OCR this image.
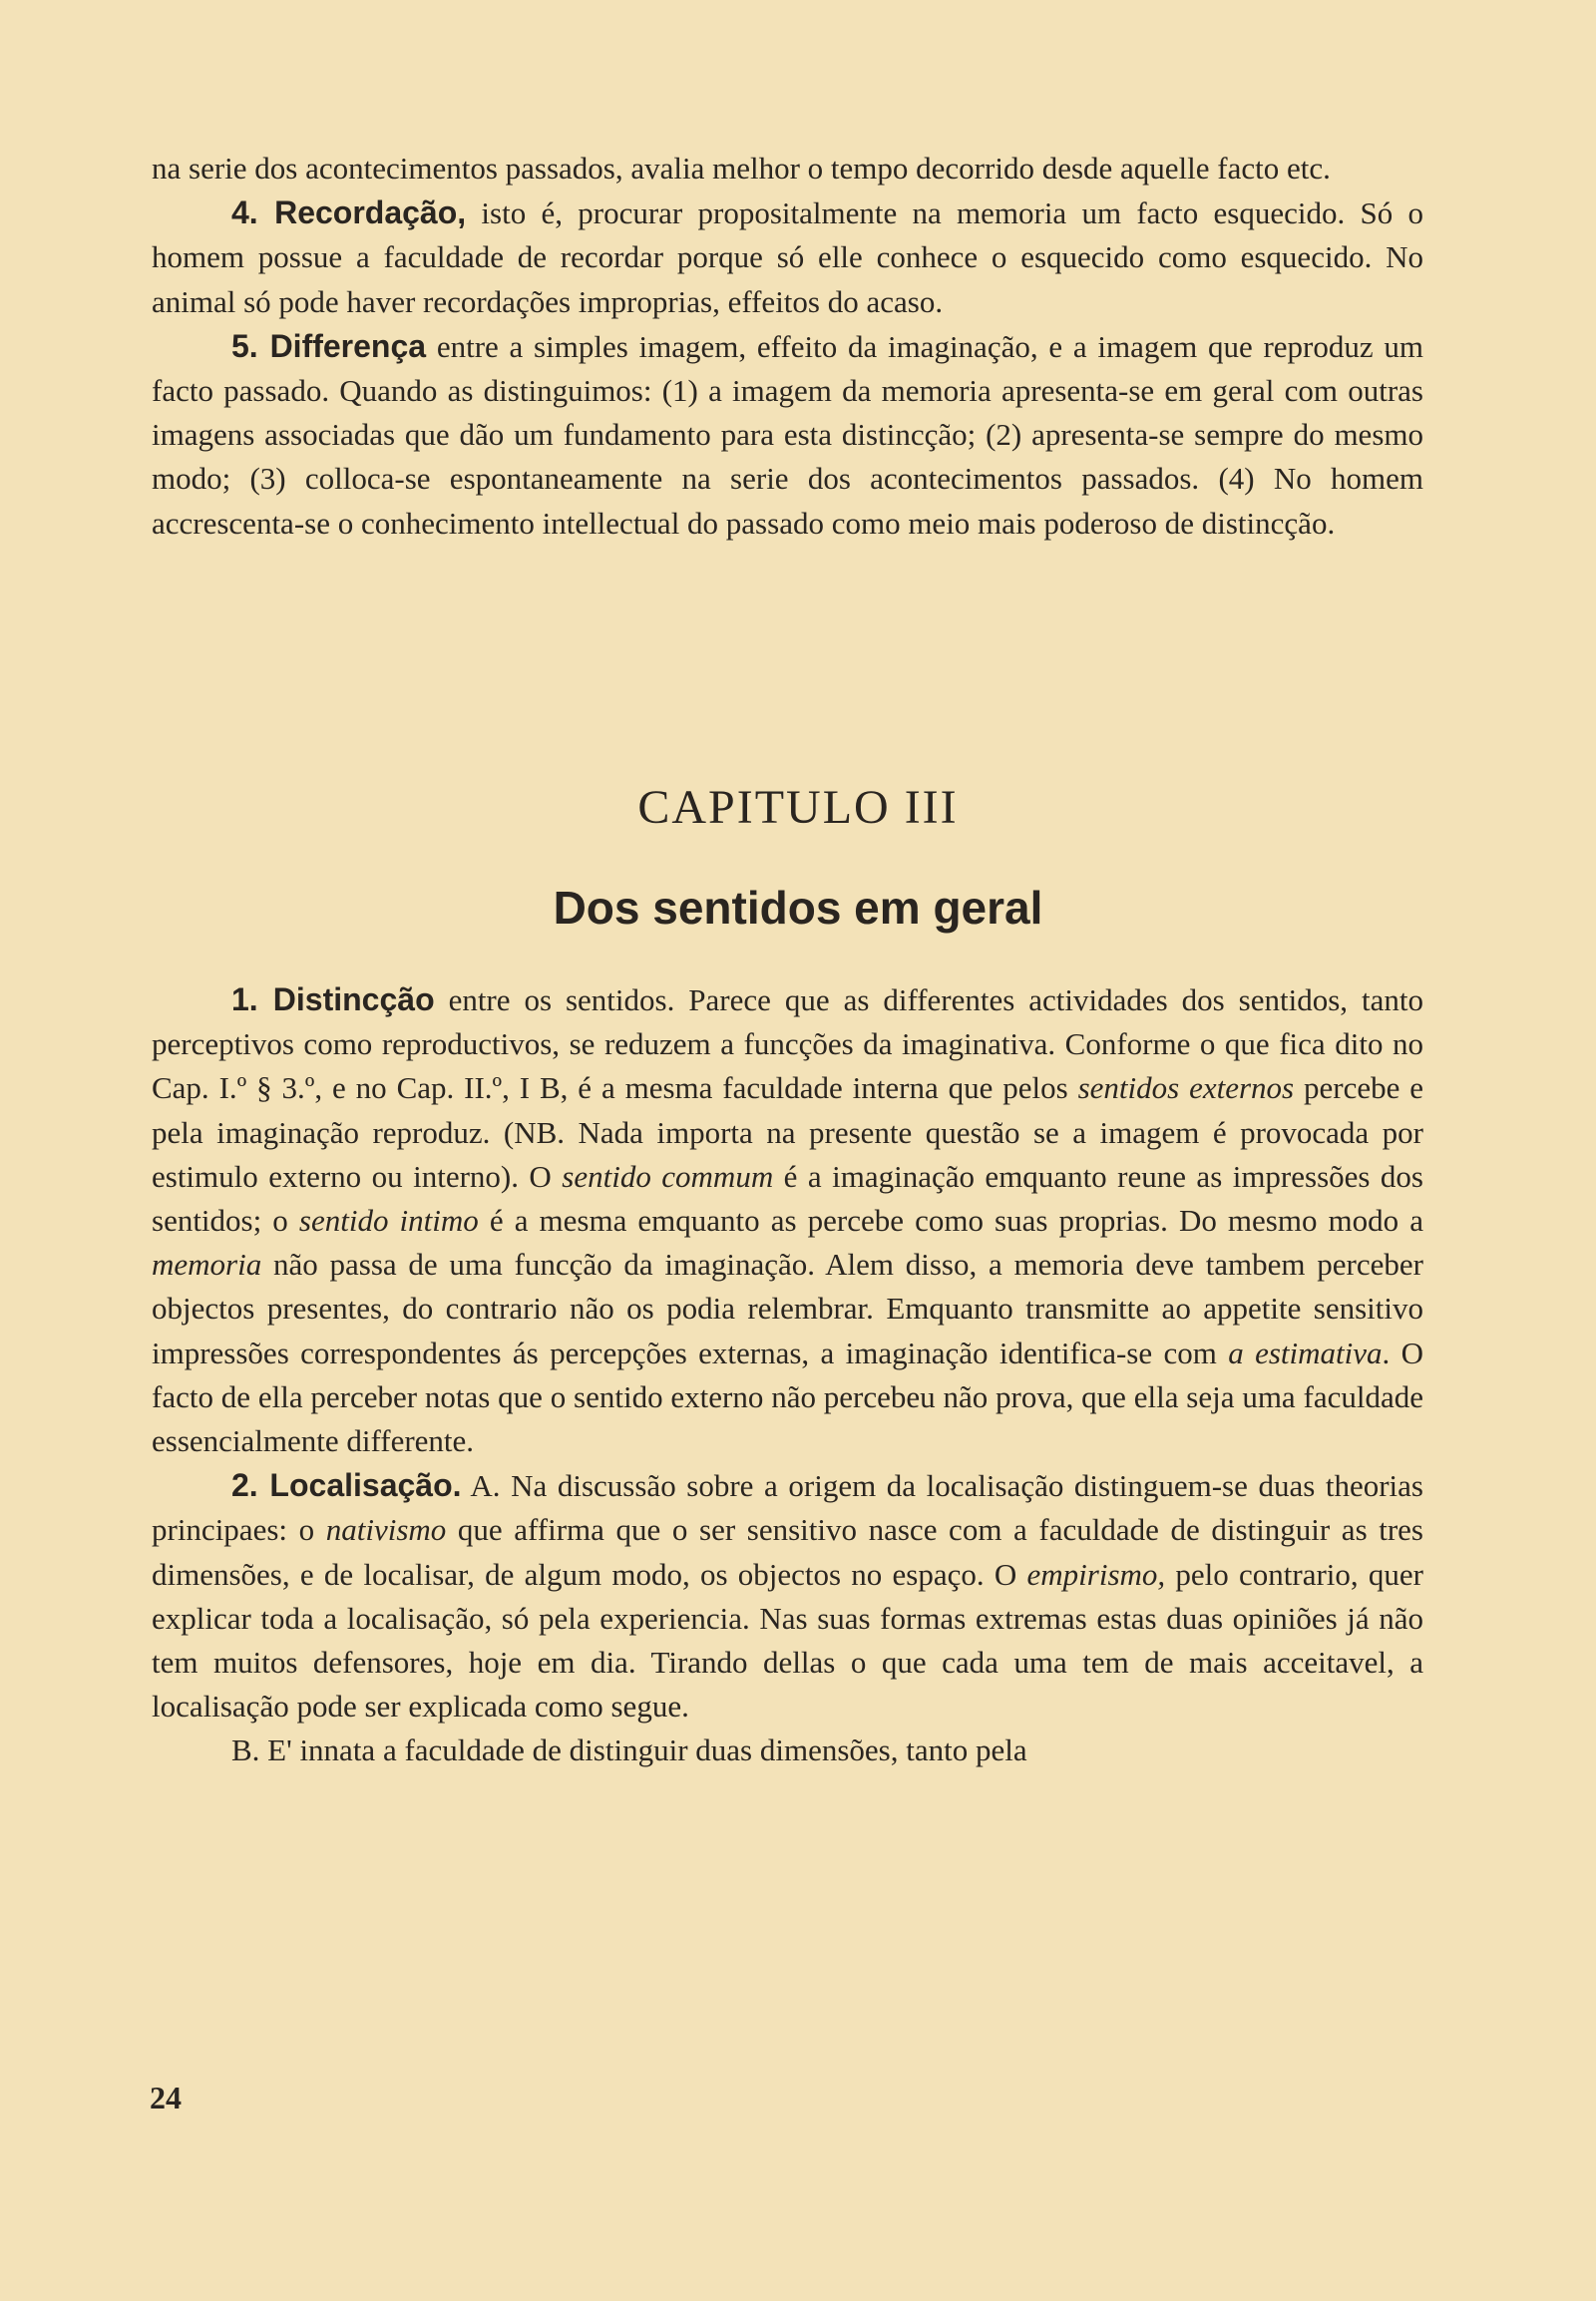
na serie dos acontecimentos passados, avalia melhor o tempo decorrido desde aquelle facto etc.

4. Recordação, isto é, procurar propositalmente na memoria um facto esquecido. Só o homem possue a faculdade de recordar porque só elle conhece o esquecido como esquecido. No animal só pode haver recordações improprias, effeitos do acaso.

5. Differença entre a simples imagem, effeito da imaginação, e a imagem que reproduz um facto passado. Quando as distinguimos: (1) a imagem da memoria apresenta-se em geral com outras imagens associadas que dão um fundamento para esta distincção; (2) apresenta-se sempre do mesmo modo; (3) colloca-se espontaneamente na serie dos acontecimentos passados. (4) No homem accrescenta-se o conhecimento intellectual do passado como meio mais poderoso de distincção.

CAPITULO III
Dos sentidos em geral

1. Distincção entre os sentidos. Parece que as differentes actividades dos sentidos, tanto perceptivos como reproductivos, se reduzem a funcções da imaginativa. Conforme o que fica dito no Cap. I.º § 3.º, e no Cap. II.º, I B, é a mesma faculdade interna que pelos sentidos externos percebe e pela imaginação reproduz. (NB. Nada importa na presente questão se a imagem é provocada por estimulo externo ou interno). O sentido commum é a imaginação emquanto reune as impressões dos sentidos; o sentido intimo é a mesma emquanto as percebe como suas proprias. Do mesmo modo a memoria não passa de uma funcção da imaginação. Alem disso, a memoria deve tambem perceber objectos presentes, do contrario não os podia relembrar. Emquanto transmitte ao appetite sensitivo impressões correspondentes ás percepções externas, a imaginação identifica-se com a estimativa. O facto de ella perceber notas que o sentido externo não percebeu não prova, que ella seja uma faculdade essencialmente differente.

2. Localisação. A. Na discussão sobre a origem da localisação distinguem-se duas theorias principaes: o nativismo que affirma que o ser sensitivo nasce com a faculdade de distinguir as tres dimensões, e de localisar, de algum modo, os objectos no espaço. O empirismo, pelo contrario, quer explicar toda a localisação, só pela experiencia. Nas suas formas extremas estas duas opiniões já não tem muitos defensores, hoje em dia. Tirando dellas o que cada uma tem de mais acceitavel, a localisação pode ser explicada como segue.

B. E' innata a faculdade de distinguir duas dimensões, tanto pela

24
